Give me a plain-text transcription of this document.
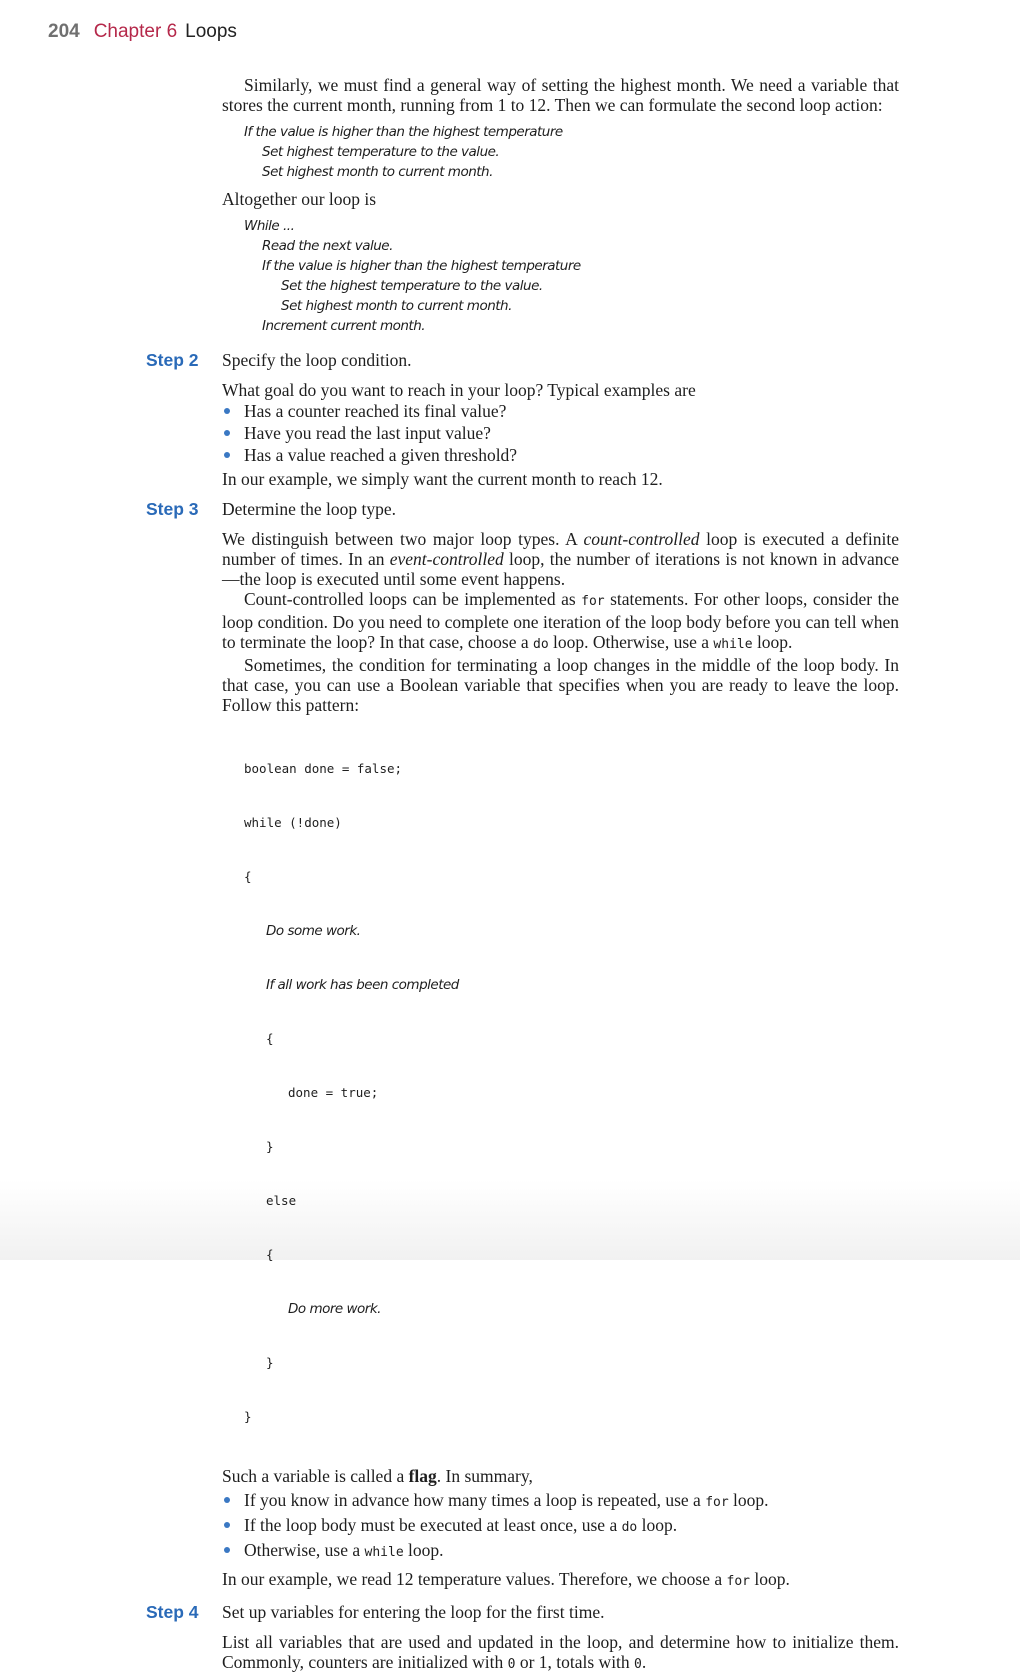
204 Chapter 6 Loops

Similarly, we must find a general way of setting the highest month. We need a variable that stores the current month, running from 1 to 12. Then we can formulate the second loop action:

If the value is higher than the highest temperature
Set highest temperature to the value.
Set highest month to current month.

Altogether our loop is

While ...
Read the next value.
If the value is higher than the highest temperature
Set the highest temperature to the value.
Set highest month to current month.
Increment current month.
Step 2 Specify the loop condition.

What goal do you want to reach in your loop? Typical examples are

Has a counter reached its final value?
Have you read the last input value?
Has a value reached a given threshold?

In our example, we simply want the current month to reach 12.

Step 3 Determine the loop type.

We distinguish between two major loop types. A count-controlled loop is executed a definite number of times. In an event-controlled loop, the number of iterations is not known in advance—the loop is executed until some event happens.

Count-controlled loops can be implemented as for statements. For other loops, consider the loop condition. Do you need to complete one iteration of the loop body before you can tell when to terminate the loop? In that case, choose a do loop. Otherwise, use a while loop.

Sometimes, the condition for terminating a loop changes in the middle of the loop body. In that case, you can use a Boolean variable that specifies when you are ready to leave the loop. Follow this pattern:

boolean done = false;

while (!done)

{

Do some work.

If all work has been completed

{

done = true;

}

else

{

Do more work.

}

}

Such a variable is called a flag. In summary,

If you know in advance how many times a loop is repeated, use a for loop.
If the loop body must be executed at least once, use a do loop.
Otherwise, use a while loop.

In our example, we read 12 temperature values. Therefore, we choose a for loop.

Step 4 Set up variables for entering the loop for the first time.

List all variables that are used and updated in the loop, and determine how to initialize them. Commonly, counters are initialized with 0 or 1, totals with 0.
